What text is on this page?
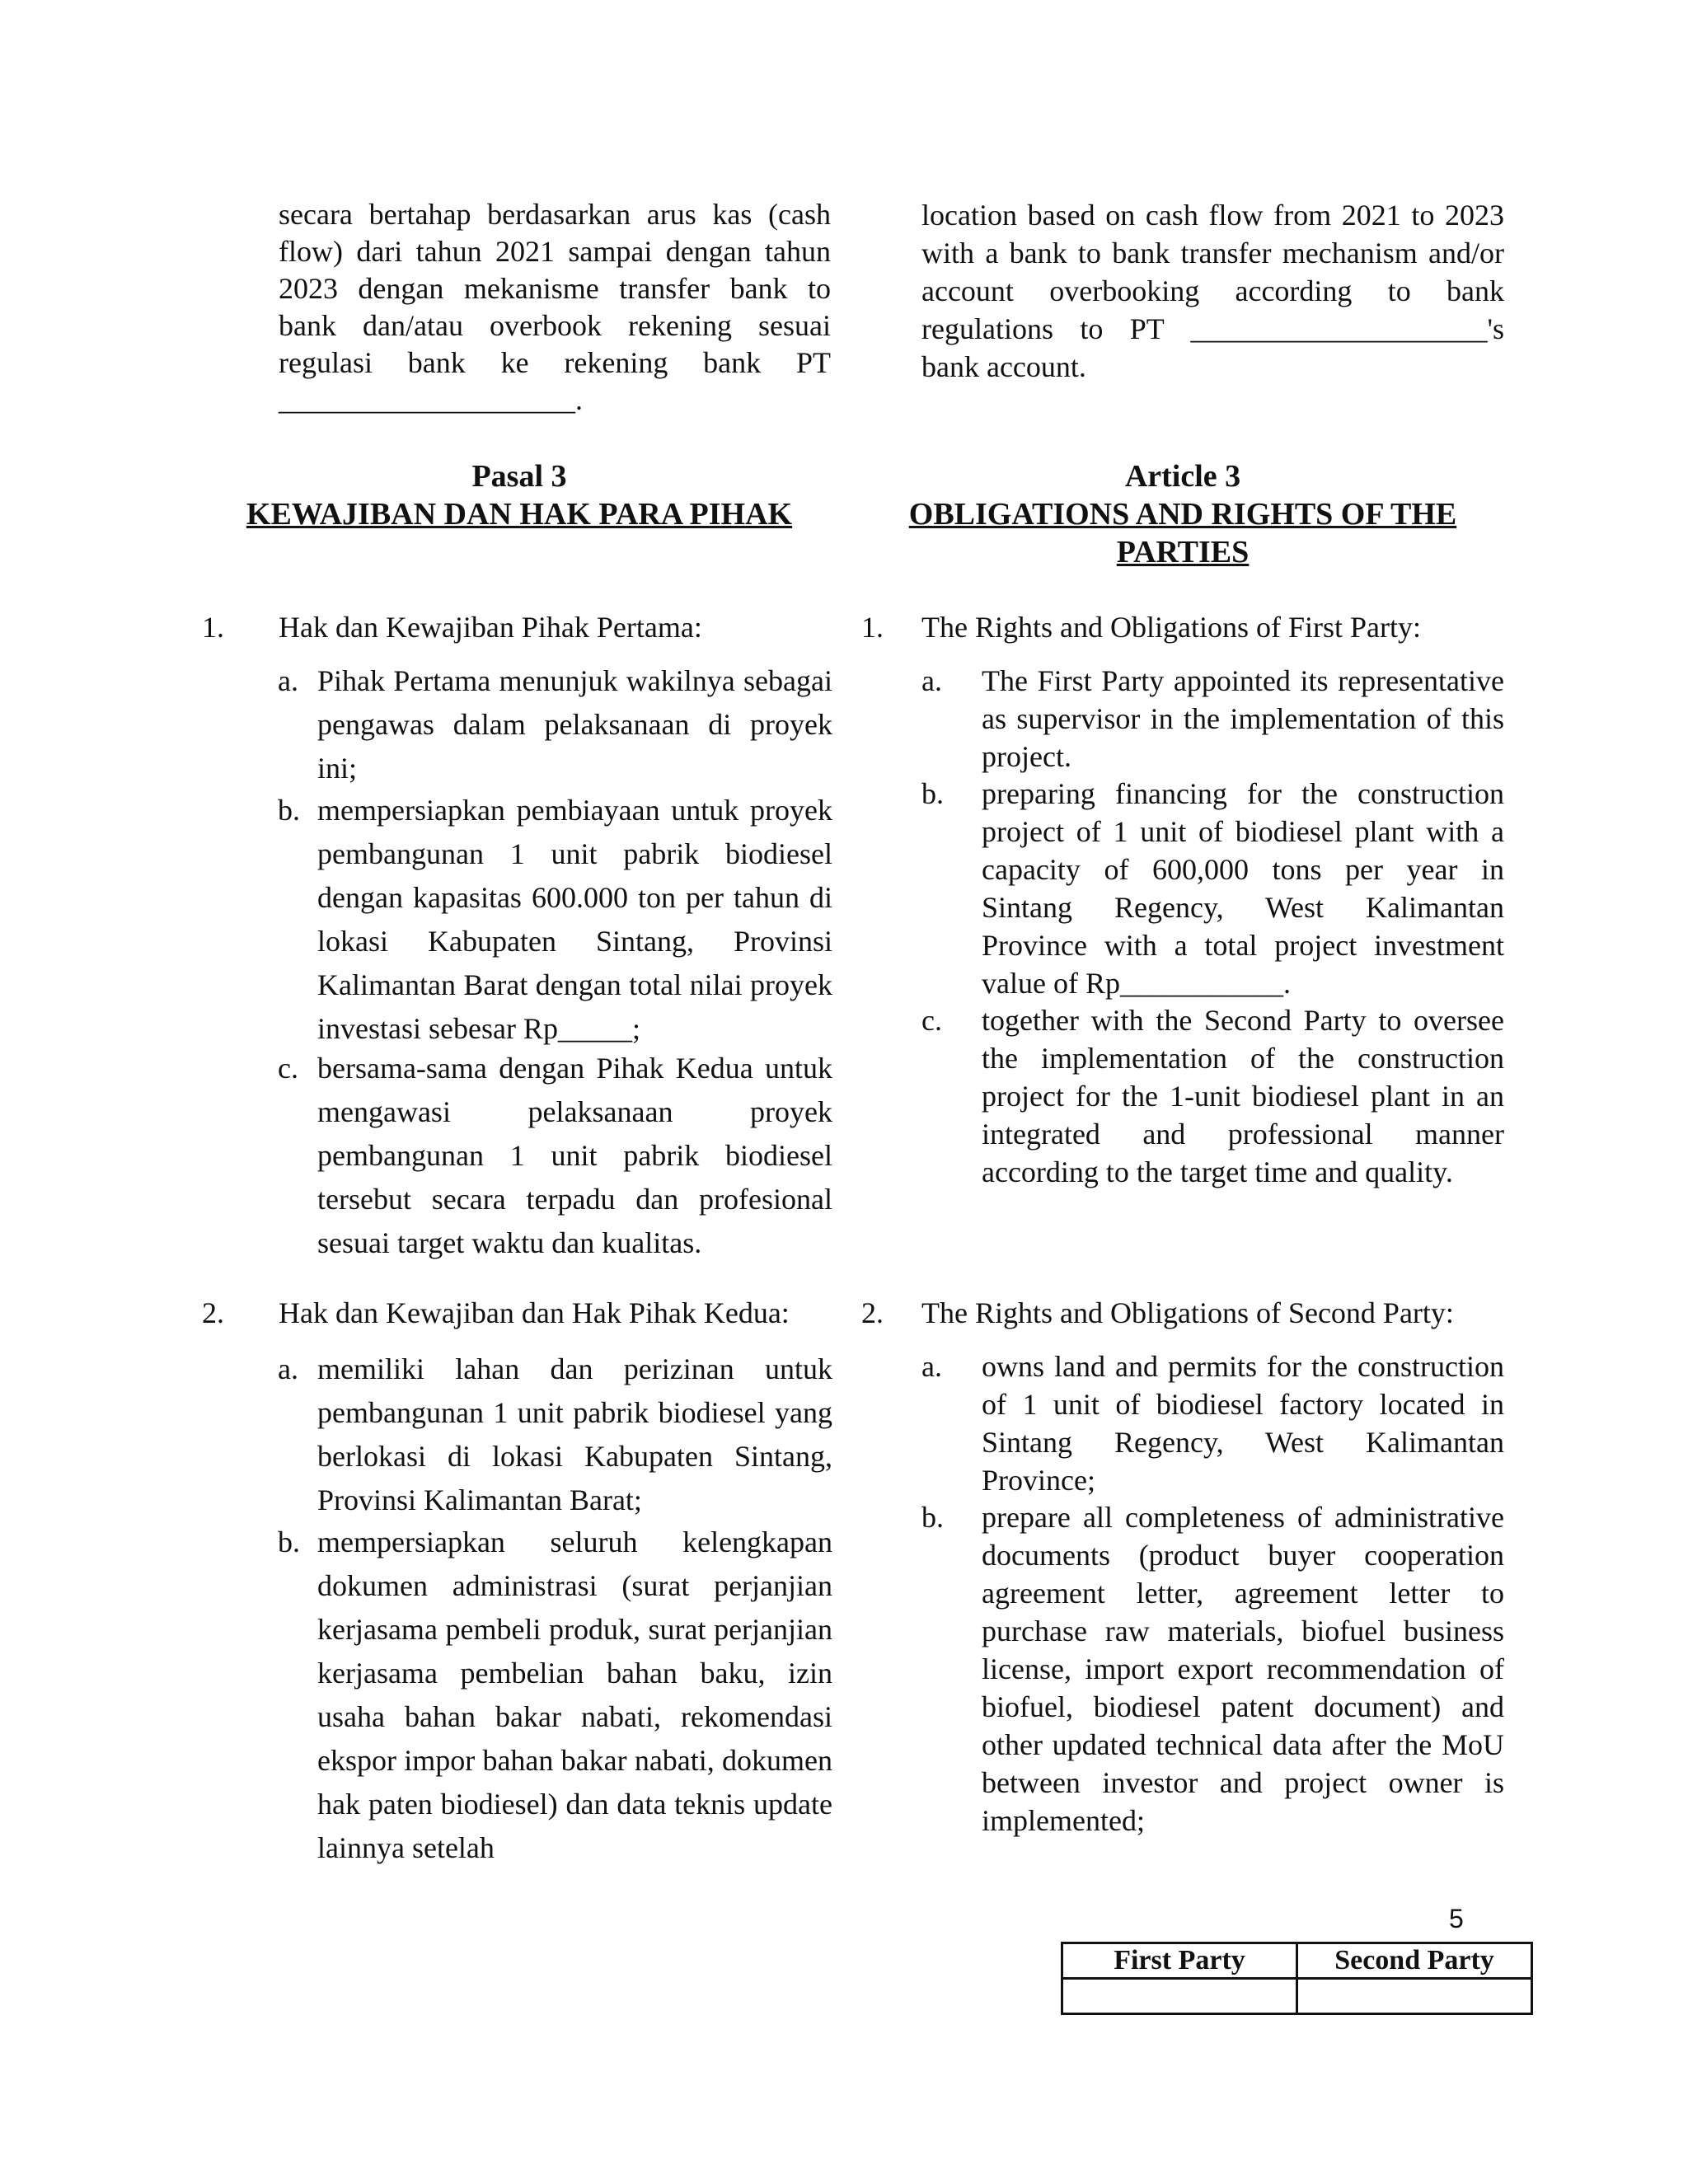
secara bertahap berdasarkan arus kas (cash flow) dari tahun 2021 sampai dengan tahun 2023 dengan mekanisme transfer bank to bank dan/atau overbook rekening sesuai regulasi bank ke rekening bank PT ____________________.
Pasal 3
KEWAJIBAN DAN HAK PARA PIHAK
1. Hak dan Kewajiban Pihak Pertama:
a. Pihak Pertama menunjuk wakilnya sebagai pengawas dalam pelaksanaan di proyek ini;
b. mempersiapkan pembiayaan untuk proyek pembangunan 1 unit pabrik biodiesel dengan kapasitas 600.000 ton per tahun di lokasi Kabupaten Sintang, Provinsi Kalimantan Barat dengan total nilai proyek investasi sebesar Rp_____;
c. bersama-sama dengan Pihak Kedua untuk mengawasi pelaksanaan proyek pembangunan 1 unit pabrik biodiesel tersebut secara terpadu dan profesional sesuai target waktu dan kualitas.
2. Hak dan Kewajiban dan Hak Pihak Kedua:
a. memiliki lahan dan perizinan untuk pembangunan 1 unit pabrik biodiesel yang berlokasi di lokasi Kabupaten Sintang, Provinsi Kalimantan Barat;
b. mempersiapkan seluruh kelengkapan dokumen administrasi (surat perjanjian kerjasama pembeli produk, surat perjanjian kerjasama pembelian bahan baku, izin usaha bahan bakar nabati, rekomendasi ekspor impor bahan bakar nabati, dokumen hak paten biodiesel) dan data teknis update lainnya setelah
location based on cash flow from 2021 to 2023 with a bank to bank transfer mechanism and/or account overbooking according to bank regulations to PT ____________________'s bank account.
Article 3
OBLIGATIONS AND RIGHTS OF THE PARTIES
1. The Rights and Obligations of First Party:
a. The First Party appointed its representative as supervisor in the implementation of this project.
b. preparing financing for the construction project of 1 unit of biodiesel plant with a capacity of 600,000 tons per year in Sintang Regency, West Kalimantan Province with a total project investment value of Rp___________.
c. together with the Second Party to oversee the implementation of the construction project for the 1-unit biodiesel plant in an integrated and professional manner according to the target time and quality.
2. The Rights and Obligations of Second Party:
a. owns land and permits for the construction of 1 unit of biodiesel factory located in Sintang Regency, West Kalimantan Province;
b. prepare all completeness of administrative documents (product buyer cooperation agreement letter, agreement letter to purchase raw materials, biofuel business license, import export recommendation of biofuel, biodiesel patent document) and other updated technical data after the MoU between investor and project owner is implemented;
5
First Party	Second Party
